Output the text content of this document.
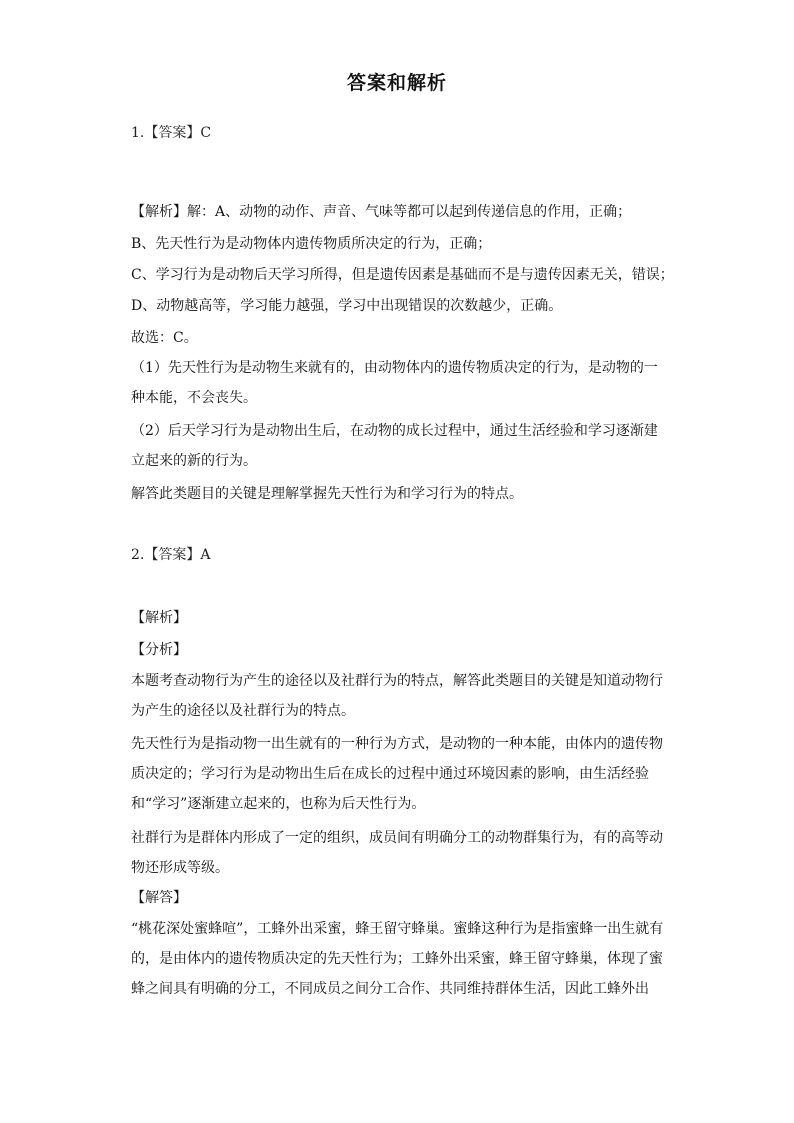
答案和解析
1.【答案】C
【解析】解：A、动物的动作、声音、气味等都可以起到传递信息的作用，正确；
B、先天性行为是动物体内遗传物质所决定的行为，正确；
C、学习行为是动物后天学习所得，但是遗传因素是基础而不是与遗传因素无关，错误；
D、动物越高等，学习能力越强，学习中出现错误的次数越少，正确。
故选：C。
（1）先天性行为是动物生来就有的，由动物体内的遗传物质决定的行为，是动物的一种本能，不会丧失。
（2）后天学习行为是动物出生后，在动物的成长过程中，通过生活经验和学习逐渐建立起来的新的行为。
解答此类题目的关键是理解掌握先天性行为和学习行为的特点。
2.【答案】A
【解析】
【分析】
本题考查动物行为产生的途径以及社群行为的特点，解答此类题目的关键是知道动物行为产生的途径以及社群行为的特点。
先天性行为是指动物一出生就有的一种行为方式，是动物的一种本能，由体内的遗传物质决定的；学习行为是动物出生后在成长的过程中通过环境因素的影响，由生活经验和“学习”逐渐建立起来的，也称为后天性行为。
社群行为是群体内形成了一定的组织，成员间有明确分工的动物群集行为，有的高等动物还形成等级。
【解答】
“桃花深处蜜蜂喧”，工蜂外出采蜜，蜂王留守蜂巢。蜜蜂这种行为是指蜜蜂一出生就有的，是由体内的遗传物质决定的先天性行为；工蜂外出采蜜，蜂王留守蜂巢，体现了蜜蜂之间具有明确的分工，不同成员之间分工合作、共同维持群体生活，因此工蜂外出
